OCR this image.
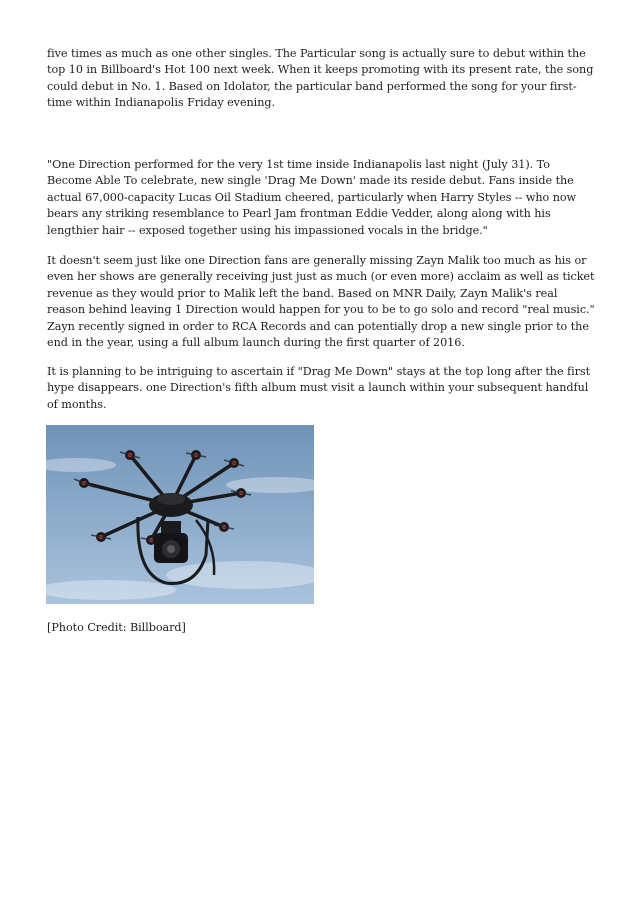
five times as much as one other singles. The Particular song is actually sure to debut within the top 10 in Billboard's Hot 100 next week. When it keeps promoting with its present rate, the song could debut in No. 1. Based on Idolator, the particular band performed the song for your first-time within Indianapolis Friday evening.

"One Direction performed for the very 1st time inside Indianapolis last night (July 31). To Become Able To celebrate, new single 'Drag Me Down' made its reside debut. Fans inside the actual 67,000-capacity Lucas Oil Stadium cheered, particularly when Harry Styles -- who now bears any striking resemblance to Pearl Jam frontman Eddie Vedder, along along with his lengthier hair -- exposed together using his impassioned vocals in the bridge."

It doesn't seem just like one Direction fans are generally missing Zayn Malik too much as his or even her shows are generally receiving just just as much (or even more) acclaim as well as ticket revenue as they would prior to Malik left the band. Based on MNR Daily, Zayn Malik's real reason behind leaving 1 Direction would happen for you to be to go solo and record "real music." Zayn recently signed in order to RCA Records and can potentially drop a new single prior to the end in the year, using a full album launch during the first quarter of 2016.

It is planning to be intriguing to ascertain if "Drag Me Down" stays at the top long after the first hype disappears. one Direction's fifth album must visit a launch within your subsequent handful of months.

[Photo Credit: Billboard]
